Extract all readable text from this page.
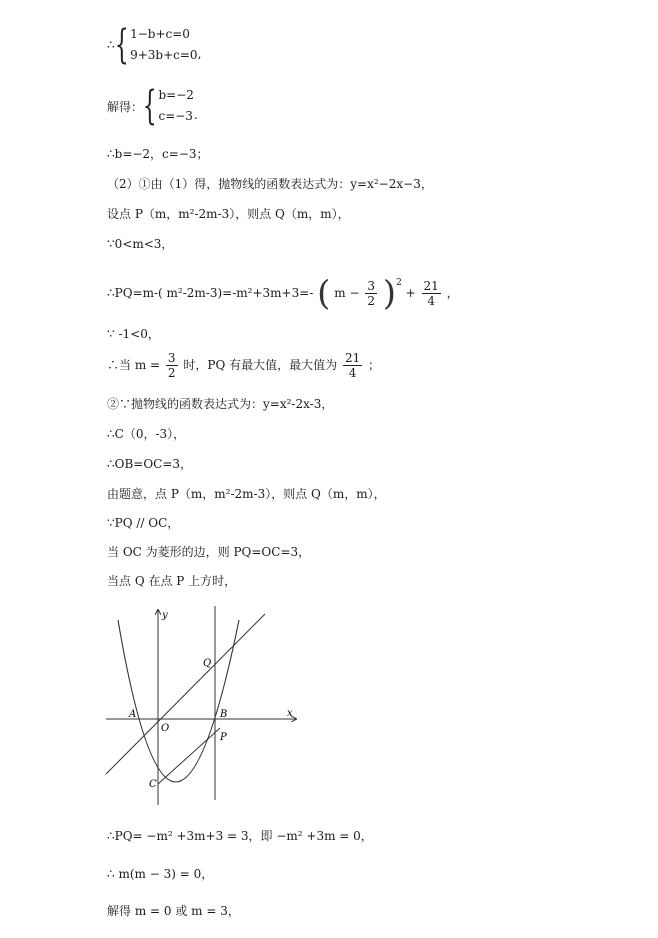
∴ { 1−b+c=0
9+3b+c=0 ,
解得： { b=−2
c=−3 .
∴b=−2，c=−3；
（2）①由（1）得，抛物线的函数表达式为：y=x²−2x−3，
设点 P（m，m²-2m-3），则点 Q（m，m），
∵0<m<3，
∴PQ=m-( m²-2m-3)=-m²+3m+3=- ( $m - \frac{3}{2} )^2 + \frac{21}{4}$ ，
∵ -1<0，
∴当 $m = \frac{3}{2}$ 时，PQ 有最大值，最大值为 $\frac{21}{4}$ ；
②∵抛物线的函数表达式为：y=x²-2x-3，
∴C（0，-3），
∴OB=OC=3，
由题意，点 P（m，m²-2m-3），则点 Q（m，m），
∵PQ // OC，
当 OC 为菱形的边，则 PQ=OC=3，
当点 Q 在点 P 上方时，
y
x
O
A	B
C
P
Q
∴PQ= −m² +3m+3 = 3，即 −m² +3m = 0，
∴ m(m − 3) = 0，
解得 m = 0 或 m = 3，
